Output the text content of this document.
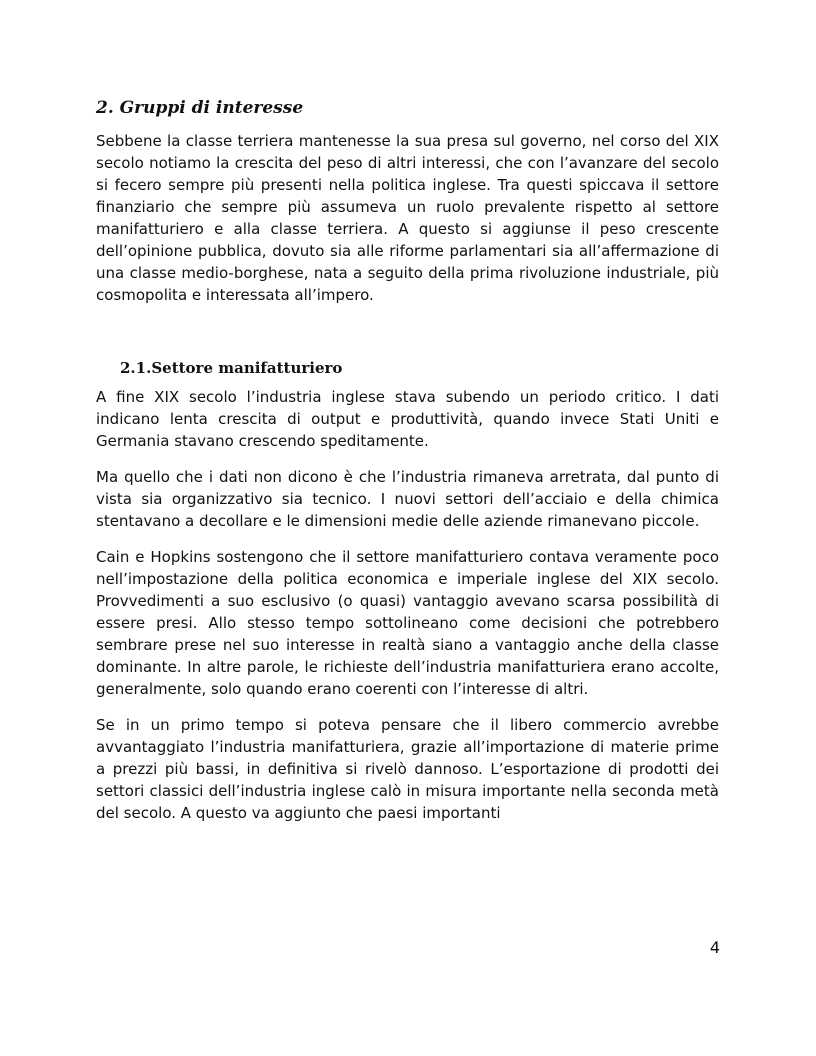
2. Gruppi di interesse

Sebbene la classe terriera mantenesse la sua presa sul governo, nel corso del XIX secolo notiamo la crescita del peso di altri interessi, che con l’avanzare del secolo si fecero sempre più presenti nella politica inglese. Tra questi spiccava il settore finanziario che sempre più assumeva un ruolo prevalente rispetto al settore manifatturiero e alla classe terriera. A questo si aggiunse il peso crescente dell’opinione pubblica, dovuto sia alle riforme parlamentari sia all’affermazione di una classe medio-borghese, nata a seguito della prima rivoluzione industriale, più cosmopolita e interessata all’impero.

2.1.Settore manifatturiero

A fine XIX secolo l’industria inglese stava subendo un periodo critico. I dati indicano lenta crescita di output e produttività, quando invece Stati Uniti e Germania stavano crescendo speditamente.

Ma quello che i dati non dicono è che l’industria rimaneva arretrata, dal punto di vista sia organizzativo sia tecnico. I nuovi settori dell’acciaio e della chimica stentavano a decollare e le dimensioni medie delle aziende rimanevano piccole.

Cain e Hopkins sostengono che il settore manifatturiero contava veramente poco nell’impostazione della politica economica e imperiale inglese del XIX secolo. Provvedimenti a suo esclusivo (o quasi) vantaggio avevano scarsa possibilità di essere presi. Allo stesso tempo sottolineano come decisioni che potrebbero sembrare prese nel suo interesse in realtà siano a vantaggio anche della classe dominante. In altre parole, le richieste dell’industria manifatturiera erano accolte, generalmente, solo quando erano coerenti con l’interesse di altri.

Se in un primo tempo si poteva pensare che il libero commercio avrebbe avvantaggiato l’industria manifatturiera, grazie all’importazione di materie prime a prezzi più bassi, in definitiva si rivelò dannoso. L’esportazione di prodotti dei settori classici dell’industria inglese calò in misura importante nella seconda metà del secolo. A questo va aggiunto che paesi importanti

4
